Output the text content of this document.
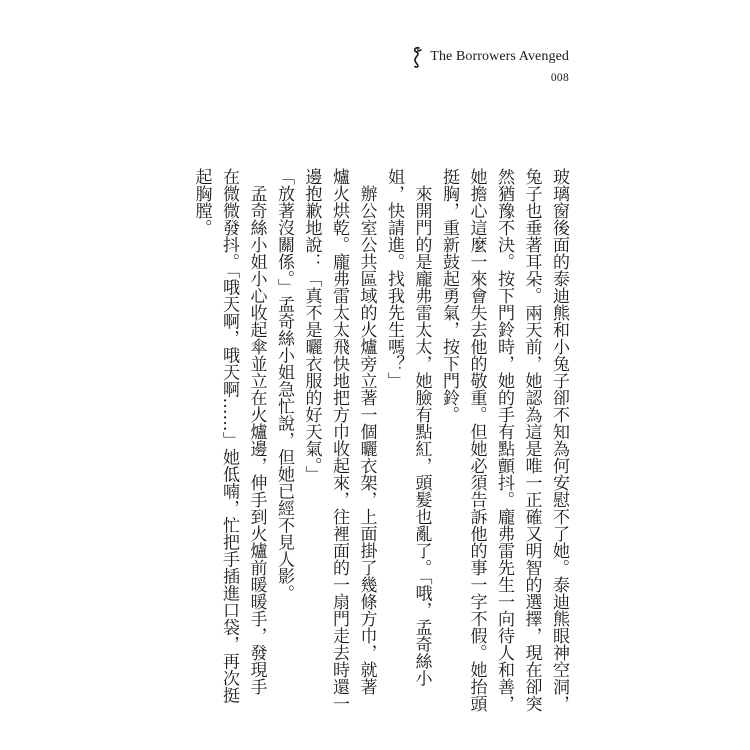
The Borrowers Avenged
008

玻璃窗後面的泰迪熊和小兔子卻不知為何安慰不了她。泰迪熊眼神空洞，
兔子也垂著耳朵。兩天前，她認為這是唯一正確又明智的選擇，現在卻突
然猶豫不決。按下門鈴時，她的手有點顫抖。龐弗雷先生一向待人和善，
她擔心這麼一來會失去他的敬重。但她必須告訴他的事一字不假。她抬頭
挺胸，重新鼓起勇氣，按下門鈴。

　來開門的是龐弗雷太太，她臉有點紅，頭髮也亂了。「哦，孟奇絲小
姐，快請進。找我先生嗎？」

　辦公室公共區域的火爐旁立著一個曬衣架，上面掛了幾條方巾，就著
爐火烘乾。龐弗雷太太飛快地把方巾收起來，往裡面的一扇門走去時還一
邊抱歉地說：「真不是曬衣服的好天氣。」

「放著沒關係。」孟奇絲小姐急忙說，但她已經不見人影。

　孟奇絲小姐小心收起傘並立在火爐邊，伸手到火爐前暖暖手，發現手
在微微發抖。「哦天啊，哦天啊……」她低喃，忙把手插進口袋，再次挺
起胸膛。
